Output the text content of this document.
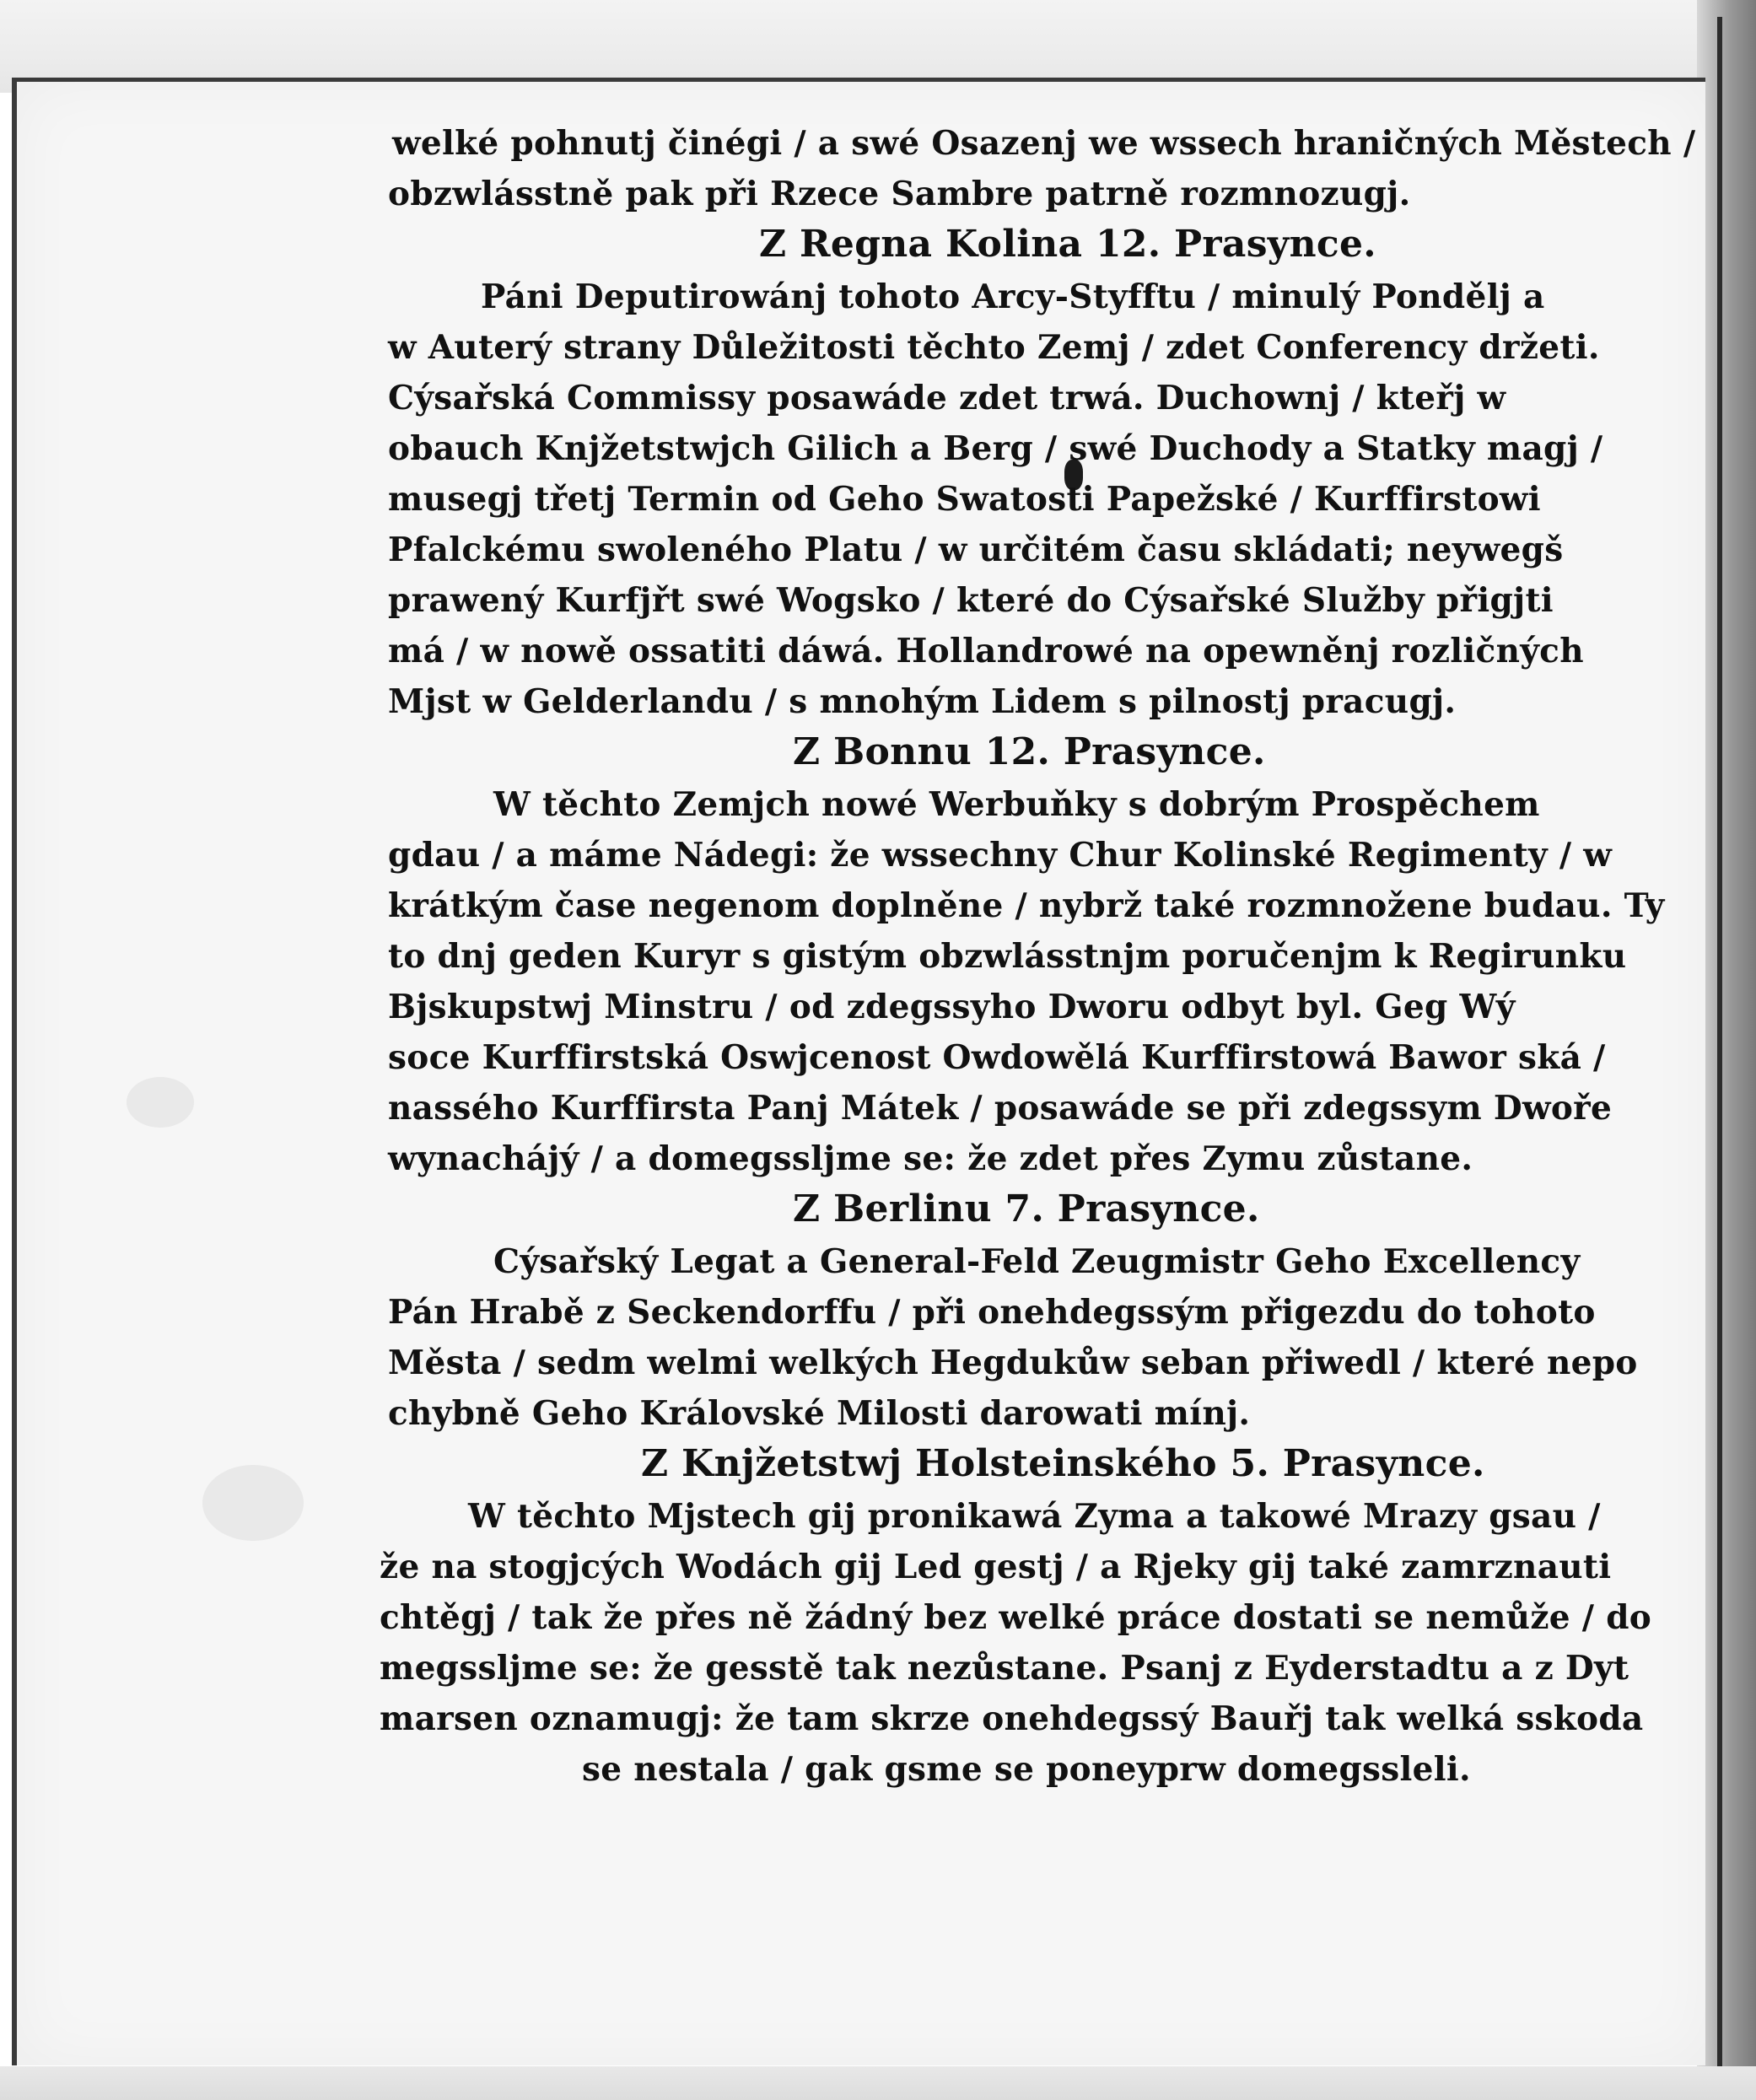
welké pohnutj činégi / a swé Osazenj we wssech hraničných Městech /
obzwlásstně pak při Rzece Sambre patrně rozmnozugj.
Z Regna Kolina 12. Prasynce.
Páni Deputirowánj tohoto Arcy-Styfftu / minulý Pondělj a
w Auterý strany Důležitosti těchto Zemj / zdet Conferency držeti.
Cýsařská Commissy posawáde zdet trwá. Duchownj / kteřj w
obauch Knjžetstwjch Gilich a Berg / swé Duchody a Statky magj /
musegj třetj Termin od Geho Swatosti Papežské / Kurffirstowi
Pfalckému swoleného Platu / w určitém času skládati; neywegš
prawený Kurfjřt swé Wogsko / které do Cýsařské Služby přigjti
má / w nowě ossatiti dáwá. Hollandrowé na opewněnj rozličných
Mjst w Gelderlandu / s mnohým Lidem s pilnostj pracugj.
Z Bonnu 12. Prasynce.
W těchto Zemjch nowé Werbuňky s dobrým Prospěchem
gdau / a máme Nádegi: že wssechny Chur Kolinské Regimenty / w
krátkým čase negenom doplněne / nybrž také rozmnožene budau. Ty
to dnj geden Kuryr s gistým obzwlásstnjm poručenjm k Regirunku
Bjskupstwj Minstru / od zdegssyho Dworu odbyt byl. Geg Wý
soce Kurffirstská Oswjcenost Owdowělá Kurffirstowá Bawor ská /
nassého Kurffirsta Panj Mátek / posawáde se při zdegssym Dwoře
wynachájý / a domegsslјme se: že zdet přes Zymu zůstane.
Z Berlinu 7. Prasynce.
Cýsařský Legat a General-Feld Zeugmistr Geho Excellency
Pán Hrabě z Seckendorffu / při onehdegssým přigezdu do tohoto
Města / sedm welmi welkých Hegdukůw seban přiwedl / které nepo
chybně Geho Královské Milosti darowati mínj.
Z Knjžetstwj Holsteinského 5. Prasynce.
W těchto Mjstech gij pronikawá Zyma a takowé Mrazy gsau /
že na stogjcých Wodách gij Led gestj / a Rjeky gij také zamrznauti
chtěgj / tak že přes ně žádný bez welké práce dostati se nemůže / do
megssljme se: že gesstě tak nezůstane. Psanj z Eyderstadtu a z Dyt
marsen oznamugj: že tam skrze onehdegssý Bauřj tak welká sskoda
se nestala / gak gsme se poneyprw domegssleli.
